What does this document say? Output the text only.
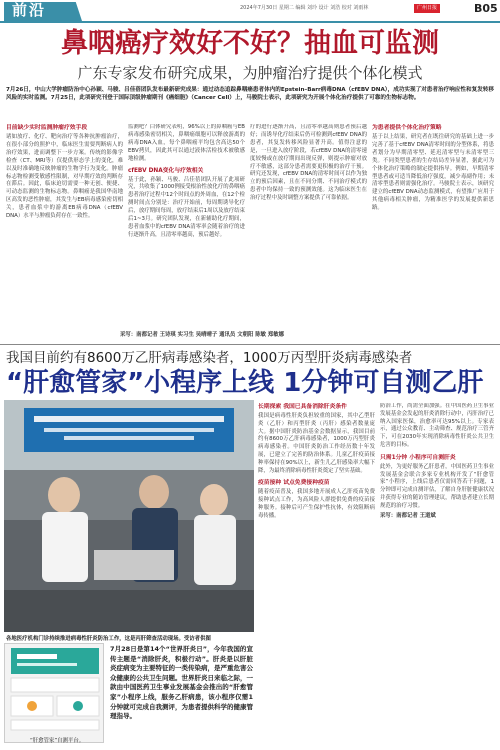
前沿	2024年7月30日 星期二 编辑 刘玲 设计 刘浩 校对 刘雨林	广州日报	B05
鼻咽癌疗效好不好？抽血可监测
广东专家发布研究成果，为肿瘤治疗提供个体化模式
7月26日，中山大学肿瘤防治中心孙颖、马骏、吕佳蓓团队发布最新研究成果：通过动态追踪鼻咽癌患者体内的Epstein–Barr病毒DNA（cfEBV DNA），成功实现了对患者治疗响应性和复发转移风险的实时监测。7月25日，此项研究刊登于国际顶级肿瘤期刊《癌细胞》（Cancer Cell）上，马骏院士表示，此项研究为开展个体化治疗提供了可靠的生物标志物。
目前缺少实时监测肿瘤疗效手段

诸如放疗、化疗、靶向治疗等各种抗肿瘤治疗，在很小部分的照护中，临床医生需要判断病人的治疗效果，进而调整下一步方案。传统的影像学检查（CT、MRI等）仅提供形态学上的变化，难以及时准确地反映肿瘤的生物学行为变化。肿瘤标志物检测受敏感性限制，对早期疗效的判断存在滞后。因此，临床迫切需要一种无创、便捷、可动态监测的生物标志物。鼻咽癌是我国华南地区高发的恶性肿瘤，其发生与EB病毒感染密切相关，患者血浆中的游离EB病毒DNA（cfEBV DNA）水平与肿瘤负荷存在一致性。

监测吧？白体研究表明，96%以上的鼻咽癌与EB病毒感染密切相关，鼻咽癌细胞可以释放游离的病毒DNA入血，每个鼻咽癌平均包含高达50个EBV拷贝，因此其可以通过液体活检技术被敏感地检测。

cfEBV DNA变化与疗效相关

基于此，孙颖、马骏、吕佳蓓团队开展了此项研究，共收集了1000例接受根治性放化疗的鼻咽癌患者治疗过程中12个时间点的外周血，在12个检测时间点分别是：治疗开始前，每周期诱导化疗后，放疗期间每周，放疗结束后1周以及放疗结束后1~3月。研究团队发现，在新辅助化疗期间，患者血浆中的cfEBV DNA清零率会随着治疗的进行逐渐升高，且清零率越高，预后越好。

疗的进行逐渐升高，且清零率越高则患者预后越好；而诱导化疗结束后仍可检测到cfEBV DNA的患者，其复发转移风险显著升高。值得注意的是，一旦进入放疗阶段，若cfEBV DNA的清零速度较慢或在放疗期间出现反弹，则提示肿瘤对放疗不敏感，这部分患者需要更积极的治疗干预。研究还发现，cfEBV DNA的清零时间可以作为独立的预后因素，且在不同分期、不同治疗模式的患者中均保持一致的预测效能。这为临床医生在治疗过程中及时调整方案提供了可靠依据。

为患者提供个体化治疗策略

基于以上结果，研究者在既往研究的基础上进一步完善了基于cfEBV DNA清零时间的分型体系，将患者划分为早期清零型、延迟清零型与未清零型三类。不同类型患者的生存结局差异显著，据此可为个体化治疗策略的制定提供指导。例如，早期清零型患者或可适当降低治疗强度，减少毒副作用；未清零型患者则需强化治疗。马骏院士表示，该研究建立的cfEBV DNA动态监测模式，有望推广应用于其他病毒相关肿瘤，为精准医学的发展提供新思路。

采写：南都记者 王诗琪 实习生 吴晴晴子 通讯员 文朝阳 陈敏 郑敏娜
我国目前约有8600万乙肝病毒感染者，1000万丙型肝炎病毒感染者
“肝愈管家”小程序上线 1分钟可自测乙肝
各地医疗机构门诊持续推进病毒性肝炎防治工作，这是丙肝筛查活动现场。受访者供图
“肝愈管家”自测平台。
7月28日是第14个“世界肝炎日”，今年我国的宣传主题是“消除肝炎，积极行动”。肝炎是以肝脏炎症病变为主要特征的一类传染病，是严重危害公众健康的公共卫生问题。世界肝炎日来临之际，一款由中国医药卫生事业发展基金会推出的“肝愈管家”小程序上线，服务乙肝病患，该小程序仅需1分钟就可完成自我测评，为患者提供科学的健康管理指导。
长期探索 我国已具备消除肝炎条件

我国是病毒性肝炎负担较重的国家，其中乙型肝炎（乙肝）和丙型肝炎（丙肝）感染者数量庞大。据中国肝炎防治基金会数据显示，我国目前约有8600万乙肝病毒感染者，1000万丙型肝炎病毒感染者。中国肝炎防治工作经历数十年发展，已建立了完善的防治体系。儿童乙肝疫苗接种率保持在90%以上，新生儿乙肝感染率大幅下降，为最终消除病毒性肝炎奠定了坚实基础。

疫苗接种 试点免费接种疫苗

随着疫苗普及，我国多地开展成人乙肝疫苗免费接种试点工作，为高风险人群提供免费的疫苗接种服务。接种后可产生保护性抗体，有效阻断病毒传播。

防治工作，尚需全面加强。在中国医药卫生事业发展基金会发起的肝炎消除行动中，丙肝治疗已纳入国家医保，治愈率可达95%以上。专家表示，通过公众教育、主动筛查、规范治疗三管齐下，可在2030年实现消除病毒性肝炎公共卫生危害的目标。

只需1分钟 小程序可自测肝炎

此外，为更好服务乙肝患者，中国医药卫生事业发展基金会联合多家专业机构开发了“肝愈管家”小程序，上线后患者仅需回答若干问题，1分钟即可完成自测评估，了解自身肝脏健康状况并获得专业的随访管理建议，帮助患者建立长期规范的治疗习惯。

采写：南都记者 王道斌
